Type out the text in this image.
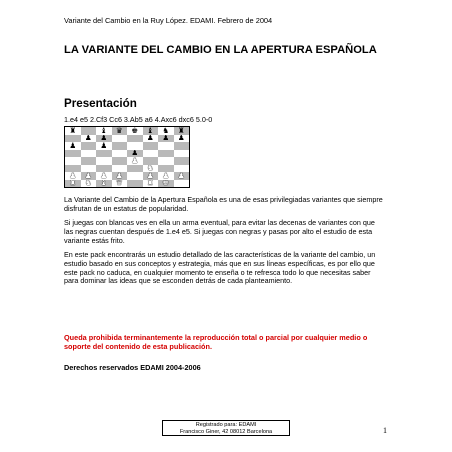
Variante del Cambio en la Ruy López. EDAMI. Febrero de 2004
LA VARIANTE DEL CAMBIO EN LA APERTURA ESPAÑOLA
Presentación
1.e4 e5 2.Cf3 Cc6 3.Ab5 a6 4.Axc6 dxc6 5.0-0
♜	♝ ♛ ♚ ♝ ♞ ♜
♟ ♟	♟ ♟ ♟
♟	♟
♟
♟
♞
♟ ♟ ♟ ♟	♟ ♟ ♟
♜ ♞ ♝ ♛	♜ ♚

La Variante del Cambio de la Apertura Española es una de esas privilegiadas variantes que siempre disfrutan de un estatus de popularidad.

Si juegas con blancas ves en ella un arma eventual, para evitar las decenas de variantes con que las negras cuentan después de 1.e4 e5. Si juegas con negras y pasas por alto el estudio de esta variante estás frito.

En este pack encontrarás un estudio detallado de las características de la variante del cambio, un estudio basado en sus conceptos y estrategia, más que en sus líneas específicas, es por ello que este pack no caduca, en cualquier momento te enseña o te refresca todo lo que necesitas saber para dominar las ideas que se esconden detrás de cada planteamiento.

Queda prohibida terminantemente la reproducción total o parcial por cualquier medio o soporte del contenido de esta publicación.

Derechos reservados EDAMI 2004-2006
Registrado para: EDAMI
Francisco Giner, 42 08012 Barcelona	1
